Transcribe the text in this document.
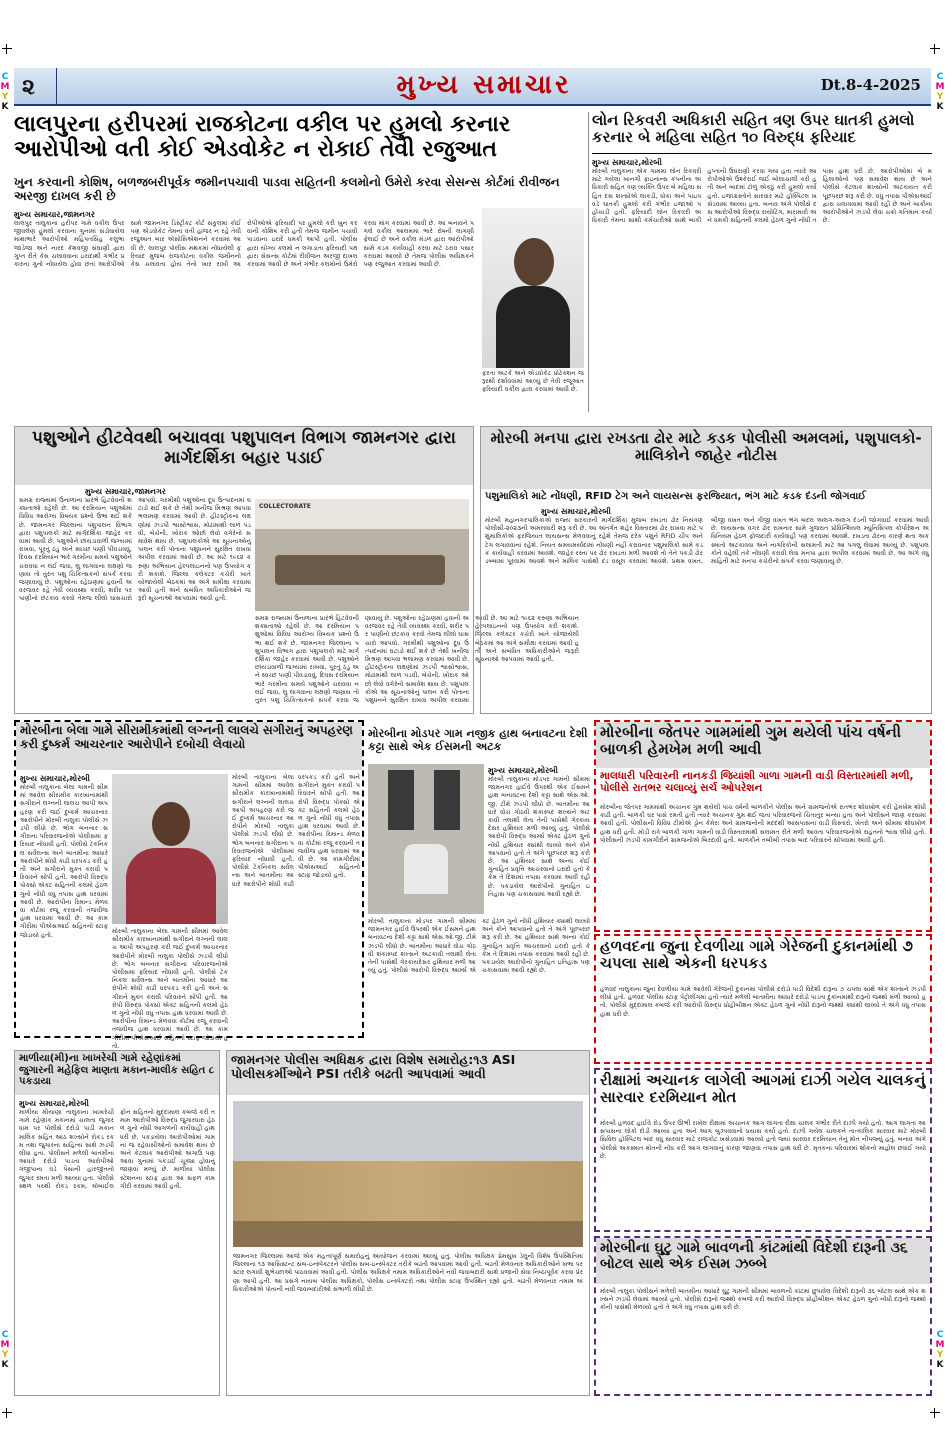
C
M
Y
K
C
M
Y
K
C
M
Y
K
C
M
Y
K
૨	મુખ્ય સમાચાર	Dt.8-4-2025
લાલપુરના હરીપરમાં રાજકોટના વકીલ પર હુમલો કરનાર આરોપીઓ વતી કોઈ એડવોકેટ ન રોકાઈ તેવી રજુઆત
ખુન કરવાની કોશિષ, બળજબરીપૂર્વક જમીનપચાવી પાડવા સહિતની કલમોનો ઉમેરો કરવા સેસન્સ કોર્ટમાં રીવીજન અરજી દાખલ કરી છે
મુખ્ય સમાચાર,જામનગર
લાલપુર તાલુકાના હરીપર ગામે વકીલ ઉપર જીવલેણ હુમલો કરવાના ગુનામાં સંડોવાયેલ માથાભારે આરોપીઓ મહિપતસિંહ કલુભા જાડેજા અને નારદ કેશવજી સંઘાણી દ્વારા ગુપ્ત રીતે કેસ ચલાવવાના ઇરાદાથી ગંભીર પ્રકારના ગુનો નોંધાયેલ હોવા છતાં આરોપીઓ સામે જામનગર ડિસ્ટ્રીક્ટ કોર્ટ સંકુલમાં કોઈ પણ એડવોકેટ તેમના વતી હાજર ન રહે તેવી રજુઆત બાર એસોસિએશનને કરવામાં આવી છે. લાલપુર પોલીસ મથકમાં નોંધાયેલી ફરિયાદ મુજબ રાજકોટના વકીલ જમીનનો કેસ ચલાવતા હોય તેનો ખાર રાખી આરોપીઓએ ફરિયાદી પર હુમલો કરી ખુન કરવાની કોશિષ કરી હતી તેમજ જમીન પચાવી પાડવાના ઇરાદે ધમકી આપી હતી. પોલીસ દ્વારા યોગ્ય કલમો ન લગાડાતા ફરિયાદી પક્ષ દ્વારા સેસન્સ કોર્ટમાં રીવીજન અરજી દાખલ કરવામાં આવી છે અને ગંભીર કલમોનો ઉમેરો કરવા માંગ કરવામાં આવી છે. આ બનાવને પગલે વકીલ આલમમાં ભારે રોષની લાગણી ફેલાઈ છે અને વકીલ મંડળ દ્વારા આરોપીઓ સામે કડક કાર્યવાહી કરવા માટે ઠરાવ પસાર કરવામાં આવ્યો છે તેમજ પોલીસ અધિક્ષકને પણ રજુઆત કરવામાં આવી છે.
ફરતા અટકે અને એડવોકેટ પ્રોટેક્શન જરૂરથી દર્શાવવામાં આવ્યું છે તેવી રજૂઆત ફરિયાદી વકીલ દ્વારા કરવામાં આવી છે.
લોન રિકવરી અધિકારી સહિત ત્રણ ઉપર ઘાતકી હુમલો કરનાર બે મહિલા સહિત ૧૦ વિરુદ્ધ ફરિયાદ
મુખ્ય સમાચાર,મોરબી
મોરબી તાલુકાના એક ગામમાં લોન રિકવરી માટે ગયેલા ખાનગી ફાઇનાન્સ કંપનીના અધિકારી સહિત ત્રણ વ્યક્તિ ઉપર બે મહિલા સહિત દસ શખ્સોએ લાકડી, ધોકા અને પાઇપ વડે ઘાતકી હુમલો કરી ગંભીર ઇજાઓ પહોંચાડી હતી. ફરિયાદી લોન રિકવરી અધિકારી તેમના સાથી કર્મચારીઓ સાથે બાકી હપ્તાની ઉઘરાણી કરવા ગયા હતા ત્યારે આરોપીઓએ ઉશ્કેરાઈ જઈ બોલાચાલી કરી હતી અને બાદમાં ટોળું એકઠું કરી હુમલો કર્યો હતો. ઇજાગ્રસ્તોને સારવાર માટે હોસ્પિટલ ખસેડવામાં આવ્યા હતા. બનાવ અંગે પોલીસે દસ આરોપીઓ વિરુદ્ધ રાયોટિંગ, મારામારી અને ધમકી સહિતની કલમો હેઠળ ગુનો નોંધી તપાસ હાથ ધરી છે. આરોપીઓમાં બે મહિલાઓનો પણ સમાવેશ થાય છે અને પોલીસે કેટલાક શખ્સોની અટકાયત કરી પૂછપરછ શરૂ કરી છે. વધુ તપાસ પીએસઆઈ દ્વારા ચલાવવામાં આવી રહી છે અને બાકીના આરોપીઓને ઝડપી લેવા ચક્રો ગતિમાન કર્યા છે.
પશુઓને હીટવેવથી બચાવવા પશુપાલન વિભાગ જામનગર દ્વારા માર્ગદર્શિકા બહાર પડાઈ
મુખ્ય સમાચાર,જામનગર
સમગ્ર રાજ્યમાં ઉનાળાના પ્રારંભે હિટવેવની શક્યતાઓ રહેલી છે. આ દરમિયાન પશુઓમાં વિવિધ આરોગ્ય વિષયક પ્રશ્નો ઉભા થઈ શકે છે. જામનગર જિલ્લાના પશુપાલન વિભાગ દ્વારા પશુપાલકો માટે માર્ગદર્શિકા જાહેર કરવામાં આવી છે. પશુઓને છાંયડાવાળી જગ્યામાં રાખવા, પૂરતું ઠંડુ અને સ્વચ્છ પાણી પીવડાવવું, દિવસ દરમિયાન ભારે ગરમીના સમયે પશુઓને ચરાવવા ન લઈ જવા, લુ લાગવાના લક્ષણો જણાય તો તુરંત પશુ ચિકિત્સકનો સંપર્ક કરવા જણાવાયું છે. પશુઓના રહેઠાણમાં હવાની અવરજવર રહે તેવી વ્યવસ્થા કરવી, શરીર પર પાણીનો છંટકાવ કરવો તેમજ લીલો ઘાસચારો આપવો. ગરમીથી પશુઓના દૂધ ઉત્પાદનમાં ઘટાડો થઈ શકે છે તેથી ખનીજ મિશ્રણ આપવા ભલામણ કરવામાં આવી છે. હીટસ્ટ્રોકના લક્ષણોમાં ઝડપી શ્વાસોશ્વાસ, મોઢામાંથી લાળ પડવી, બેચેની, ખોરાક ઓછો લેવો વગેરેનો સમાવેશ થાય છે. પશુપાલકોએ આ સૂચનાઓનું પાલન કરી પોતાના પશુધનને સુરક્ષિત રાખવા અપીલ કરવામાં આવી છે. આ માટે ૧૯૬૨ કરુણા અભિયાન હેલ્પલાઇનનો પણ ઉપયોગ કરી શકાશે. જિલ્લા કલેક્ટર કચેરી ખાતે યોજાયેલી બેઠકમાં આ અંગે સમીક્ષા કરવામાં આવી હતી અને સંબંધિત અધિકારીઓને જરૂરી સૂચનાઓ આપવામાં આવી હતી.
COLLECTORATE
સમગ્ર રાજ્યમાં ઉનાળાના પ્રારંભે હિટવેવની શક્યતાઓ રહેલી છે. આ દરમિયાન પશુઓમાં વિવિધ આરોગ્ય વિષયક પ્રશ્નો ઉભા થઈ શકે છે. જામનગર જિલ્લાના પશુપાલન વિભાગ દ્વારા પશુપાલકો માટે માર્ગદર્શિકા જાહેર કરવામાં આવી છે. પશુઓને છાંયડાવાળી જગ્યામાં રાખવા, પૂરતું ઠંડુ અને સ્વચ્છ પાણી પીવડાવવું, દિવસ દરમિયાન ભારે ગરમીના સમયે પશુઓને ચરાવવા ન લઈ જવા, લુ લાગવાના લક્ષણો જણાય તો તુરંત પશુ ચિકિત્સકનો સંપર્ક કરવા જણાવાયું છે. પશુઓના રહેઠાણમાં હવાની અવરજવર રહે તેવી વ્યવસ્થા કરવી, શરીર પર પાણીનો છંટકાવ કરવો તેમજ લીલો ઘાસચારો આપવો. ગરમીથી પશુઓના દૂધ ઉત્પાદનમાં ઘટાડો થઈ શકે છે તેથી ખનીજ મિશ્રણ આપવા ભલામણ કરવામાં આવી છે. હીટસ્ટ્રોકના લક્ષણોમાં ઝડપી શ્વાસોશ્વાસ, મોઢામાંથી લાળ પડવી, બેચેની, ખોરાક ઓછો લેવો વગેરેનો સમાવેશ થાય છે. પશુપાલકોએ આ સૂચનાઓનું પાલન કરી પોતાના પશુધનને સુરક્ષિત રાખવા અપીલ કરવામાં આવી છે. આ માટે ૧૯૬૨ કરુણા અભિયાન હેલ્પલાઇનનો પણ ઉપયોગ કરી શકાશે. જિલ્લા કલેક્ટર કચેરી ખાતે યોજાયેલી બેઠકમાં આ અંગે સમીક્ષા કરવામાં આવી હતી અને સંબંધિત અધિકારીઓને જરૂરી સૂચનાઓ આપવામાં આવી હતી.
મોરબી મનપા દ્વારા રખડતા ઢોર માટે કડક પોલીસી અમલમાં, પશુપાલકો-માલિકોને જાહેર નોટીસ
પશુમાલિકો માટે નોંધણી, RFID ટેગ અને લાયસન્સ ફરજિયાત, ભંગ માટે કડક દંડની જોગવાઈ
મુખ્ય સમાચાર,મોરબી
મોરબી મહાનગરપાલિકાએ રાજ્ય સરકારની માર્ગદર્શિકા મુજબ રખડતા ઢોર નિયંત્રણ પોલીસી-૨૦૨૩ની અમલવારી શરૂ કરી છે. આ અંતર્ગત શહેર વિસ્તારમાં ઢોર રાખવા માટે પશુમાલિકોએ ફરજિયાત લાયસન્સ મેળવવાનું રહેશે તેમજ દરેક પશુને RFID ચીપ અને ટેગ લગાવવાના રહેશે. નિયત સમયમર્યાદામાં નોંધણી નહીં કરાવનાર પશુમાલિકો સામે કડક કાર્યવાહી કરવામાં આવશે. જાહેર રસ્તા પર ઢોર રખડતા મળી આવશે તો તેને પકડી ઢોર ડબ્બામાં પૂરવામાં આવશે અને માલિક પાસેથી દંડ વસૂલ કરવામાં આવશે. પ્રથમ વખત, બીજી વખત અને ત્રીજી વખત ભંગ બદલ અલગ-અલગ દંડની જોગવાઈ કરવામાં આવી છે. લાયસન્સ વગર ઢોર રાખનાર સામે ગુજરાત પ્રોવિન્શિયલ મ્યુનિસિપલ કોર્પોરેશન અધિનિયમ હેઠળ ફોજદારી કાર્યવાહી પણ કરવામાં આવશે. રખડતા ઢોરના કારણે થતા અકસ્માતો અટકાવવા અને નાગરિકોની સલામતી માટે આ પગલું લેવામાં આવ્યું છે. પશુપાલકોને વહેલી તકે નોંધણી કરાવી લેવા મનપા દ્વારા અપીલ કરવામાં આવી છે. આ અંગે વધુ માહિતી માટે મનપા કચેરીનો સંપર્ક કરવા જણાવાયું છે.
મોરબીના બેલા ગામે સીરામીકમાંથી લગ્નની લાલચે સગીરાનું અપહરણ કરી દુષ્કર્મ આચરનાર આરોપીને દબોચી લેવાયો
મુખ્ય સમાચાર,મોરબી
મોરબી તાલુકાના બેલા ગામની સીમમાં આવેલ સીરામીક કારખાનામાંથી સગીરાને લગ્નની લાલચ આપી અપહરણ કરી જઈ દુષ્કર્મ આચરનાર આરોપીને મોરબી તાલુકા પોલીસે ઝડપી લીધો છે. ભોગ બનનાર સગીરાના પરિવારજનોએ પોલીસમાં ફરિયાદ નોંધાવી હતી. પોલીસે ટેકનિકલ સર્વેલન્સ અને બાતમીના આધારે આરોપીને શોધી કાઢી ધરપકડ કરી હતી અને સગીરાને મુક્ત કરાવી પરિવારને સોંપી હતી. આરોપી વિરુદ્ધ પોક્સો એક્ટ સહિતની કલમો હેઠળ ગુનો નોંધી વધુ તપાસ હાથ ધરવામાં આવી છે. આરોપીના રિમાન્ડ મેળવવા કોર્ટમાં રજૂ કરવાની તજવીજ હાથ ધરવામાં આવી છે. આ કામગીરીમાં પીએસઆઈ સહિતનો સ્ટાફ જોડાયો હતો.
મોરબી તાલુકાના બેલા ગામની સીમમાં આવેલ સીરામીક કારખાનામાંથી સગીરાને લગ્નની લાલચ આપી અપહરણ કરી જઈ દુષ્કર્મ આચરનાર આરોપીને મોરબી તાલુકા પોલીસે ઝડપી લીધો છે. ભોગ બનનાર સગીરાના પરિવારજનોએ પોલીસમાં ફરિયાદ નોંધાવી હતી. પોલીસે ટેકનિકલ સર્વેલન્સ અને બાતમીના આધારે આરોપીને શોધી કાઢી ધરપકડ કરી હતી અને સગીરાને મુક્ત કરાવી પરિવારને સોંપી હતી. આરોપી વિરુદ્ધ પોક્સો એક્ટ સહિતની કલમો હેઠળ ગુનો નોંધી વધુ તપાસ હાથ ધરવામાં આવી છે. આરોપીના રિમાન્ડ મેળવવા કોર્ટમાં રજૂ કરવાની તજવીજ હાથ ધરવામાં આવી છે. આ કામગીરીમાં પીએસઆઈ સહિતનો સ્ટાફ જોડાયો હતો.
મોરબી તાલુકાના બેલા ગામની સીમમાં આવેલ સીરામીક કારખાનામાંથી સગીરાને લગ્નની લાલચ આપી અપહરણ કરી જઈ દુષ્કર્મ આચરનાર આરોપીને મોરબી તાલુકા પોલીસે ઝડપી લીધો છે. ભોગ બનનાર સગીરાના પરિવારજનોએ પોલીસમાં ફરિયાદ નોંધાવી હતી. પોલીસે ટેકનિકલ સર્વેલન્સ અને બાતમીના આધારે આરોપીને શોધી કાઢી ધરપકડ કરી હતી અને સગીરાને મુક્ત કરાવી પરિવારને સોંપી હતી. આરોપી વિરુદ્ધ પોક્સો એક્ટ સહિતની કલમો હેઠળ ગુનો નોંધી વધુ તપાસ હાથ ધરવામાં આવી છે. આરોપીના રિમાન્ડ મેળવવા કોર્ટમાં રજૂ કરવાની તજવીજ હાથ ધરવામાં આવી છે. આ કામગીરીમાં પીએસઆઈ સહિતનો સ્ટાફ જોડાયો હતો.
મોરબીના મોડપર ગામ નજીક હાથ બનાવટના દેશી કટ્ટા સાથે એક ઈસમની અટક
મુખ્ય સમાચાર,મોરબી
મોરબી તાલુકાના મોડપર ગામની સીમમાં જામનગર હાઈવે ઉપરથી એક ઈસમને હાથ બનાવટના દેશી કટ્ટા સાથે એસ.ઓ.જી. ટીમે ઝડપી લીધો છે. બાતમીના આધારે વોચ ગોઠવી શંકાસ્પદ શખ્સને અટકાવી તલાશી લેતા તેની પાસેથી ગેરકાયદેસર હથિયાર મળી આવ્યું હતું. પોલીસે આરોપી વિરુદ્ધ આર્મ્સ એક્ટ હેઠળ ગુનો નોંધી હથિયાર ક્યાંથી લાવ્યો અને કોને આપવાનો હતો તે અંગે પૂછપરછ શરૂ કરી છે. આ હથિયાર સાથે અન્ય કોઈ ગુનાહિત પ્રવૃત્તિ આચરવાનો ઇરાદો હતો કે કેમ તે દિશામાં તપાસ કરવામાં આવી રહી છે. પકડાયેલ આરોપીનો ગુનાહિત ઇતિહાસ પણ ચકાસવામાં આવી રહ્યો છે.
મોરબી તાલુકાના મોડપર ગામની સીમમાં જામનગર હાઈવે ઉપરથી એક ઈસમને હાથ બનાવટના દેશી કટ્ટા સાથે એસ.ઓ.જી. ટીમે ઝડપી લીધો છે. બાતમીના આધારે વોચ ગોઠવી શંકાસ્પદ શખ્સને અટકાવી તલાશી લેતા તેની પાસેથી ગેરકાયદેસર હથિયાર મળી આવ્યું હતું. પોલીસે આરોપી વિરુદ્ધ આર્મ્સ એક્ટ હેઠળ ગુનો નોંધી હથિયાર ક્યાંથી લાવ્યો અને કોને આપવાનો હતો તે અંગે પૂછપરછ શરૂ કરી છે. આ હથિયાર સાથે અન્ય કોઈ ગુનાહિત પ્રવૃત્તિ આચરવાનો ઇરાદો હતો કે કેમ તે દિશામાં તપાસ કરવામાં આવી રહી છે. પકડાયેલ આરોપીનો ગુનાહિત ઇતિહાસ પણ ચકાસવામાં આવી રહ્યો છે.
મોરબીના જેતપર ગામમાંથી ગુમ થયેલી પાંચ વર્ષની બાળકી હેમખેમ મળી આવી
માલધારી પરિવારની નાનકડી જિયાંશી ગાળા ગામની વાડી વિસ્તારમાંથી મળી, પોલીસે રાતભર ચલાવ્યું સર્ચ ઓપરેશન
મોરબીના જેતપર ગામમાંથી અચાનક ગુમ થયેલી પાંચ વર્ષની બાળકીને પોલીસ અને ગ્રામજનોએ રાતભર શોધખોળ કરી હેમખેમ શોધી કાઢી હતી. બાળકી ઘર પાસે રમતી હતી ત્યારે અચાનક ગુમ થઈ જતાં પરિવારજનો ચિંતાતુર બન્યા હતા અને પોલીસને જાણ કરવામાં આવી હતી. પોલીસની વિવિધ ટીમોએ ડ્રોન કેમેરા અને ગ્રામજનોની મદદથી આસપાસના વાડી વિસ્તારો, ખેતરો અને સીમમાં શોધખોળ હાથ ધરી હતી. મોડી રાત્રે બાળકી ગાળા ગામની વાડી વિસ્તારમાંથી સલામત રીતે મળી આવતા પરિવારજનોએ રાહતનો શ્વાસ લીધો હતો. પોલીસની ઝડપી કામગીરીને ગ્રામજનોએ બિરદાવી હતી. બાળકીને તબીબી તપાસ બાદ પરિવારને સોંપવામાં આવી હતી.
હળવદના જુના દેવળીયા ગામે ગેરેજની દુકાનમાંથી ૭ ચપલા સાથે એકની ધરપકડ
હળવદ તાલુકાના જુના દેવળીયા ગામે આવેલી ગેરેજની દુકાનમાં પોલીસે દરોડો પાડી વિદેશી દારૂના ૭ ચપલા સાથે એક શખ્સને ઝડપી લીધો હતો. હળવદ પોલીસ સ્ટાફ પેટ્રોલીંગમાં હતો ત્યારે મળેલી બાતમીના આધારે દરોડો પાડતા દુકાનમાંથી દારૂનો જથ્થો મળી આવ્યો હતો. પોલીસે મુદ્દામાલ કબજે કરી આરોપી વિરુદ્ધ પ્રોહીબીશન એક્ટ હેઠળ ગુનો નોંધી દારૂનો જથ્થો ક્યાંથી લાવ્યો તે અંગે વધુ તપાસ હાથ ધરી છે.
માળીયા(મી)ના ખાખરેચી ગામે રહેણાંકમાં જુગારની મહેફિલ માણતા મકાન-માલીક સહિત ૮ પકડાયા
મુખ્ય સમાચાર,મોરબી
માળીયા મીયાણા તાલુકાના ખાખરેચી ગામે રહેણાંક મકાનમાં ચાલતા જુગારધામ પર પોલીસે દરોડો પાડી મકાન માલિક સહિત આઠ શખ્સોને રોકડ રકમ તથા જુગારના સાહિત્ય સાથે ઝડપી લીધા હતા. પોલીસને મળેલી બાતમીના આધારે દરોડો પાડતા આરોપીઓ ગંજીપાના વડે પૈસાની હારજીતનો જુગાર રમતા મળી આવ્યા હતા. પોલીસે સ્થળ પરથી રોકડ રકમ, મોબાઈલ ફોન સહિતનો મુદ્દામાલ કબજે કરી તમામ આરોપીઓ વિરુદ્ધ જુગારધારા હેઠળ ગુનો નોંધી આગળની કાર્યવાહી હાથ ધરી છે. પકડાયેલા આરોપીઓમાં ગામના જ રહેવાસીઓનો સમાવેશ થાય છે અને કેટલાક આરોપીઓ અગાઉ પણ આવા ગુનામાં પકડાઈ ચૂક્યા હોવાનું જાણવા મળ્યું છે. માળીયા પોલીસ સ્ટેશનના સ્ટાફ દ્વારા આ સફળ કામગીરી કરવામાં આવી હતી.
જામનગર પોલીસ અધિક્ષક દ્વારા વિશેષ સમારોહ:૧૩ ASI પોલીસકર્મીઓને PSI તરીકે બઢતી આપવામાં આવી
જામનગર જિલ્લામાં આજે એક મહત્વપૂર્ણ સમારોહનું આયોજન કરવામાં આવ્યું હતું. પોલીસ અધિક્ષક પ્રેમસુખ ડેલુની વિશેષ ઉપસ્થિતિમાં જિલ્લાના ૧૩ આસિસ્ટન્ટ સબ-ઇન્સ્પેક્ટરને પોલીસ સબ-ઇન્સ્પેક્ટર તરીકે બઢતી આપવામાં આવી હતી. બઢતી મેળવનાર અધિકારીઓને ખભા પર સ્ટાર લગાવી શુભેચ્છાઓ પાઠવવામાં આવી હતી. પોલીસ અધિક્ષકે તમામ અધિકારીઓને નવી જવાબદારી સાથે પ્રજાની સેવા નિષ્ઠાપૂર્વક કરવા પ્રેરણા આપી હતી. આ પ્રસંગે નાયબ પોલીસ અધિક્ષકો, પોલીસ ઇન્સ્પેક્ટરો તથા પોલીસ સ્ટાફ ઉપસ્થિત રહ્યો હતો. બઢતી મેળવનાર તમામ અધિકારીઓએ પોતાની નવી જવાબદારીઓ સંભાળી લીધી છે.
રીક્ષામાં અચાનક લાગેલી આગમાં દાઝી ગયેલ ચાલકનું સારવાર દરમિયાન મોત
મોરબી હળવદ હાઈવે રોડ ઉપર ઊભી રાખેલ રીક્ષામાં અચાનક આગ લાગતા રીક્ષા ચાલક ગંભીર રીતે દાઝી ગયો હતો. આગ લાગતા આસપાસના લોકો દોડી આવ્યા હતા અને આગ બુઝાવવાનો પ્રયાસ કર્યો હતો. દાઝી ગયેલ ચાલકને તાત્કાલિક સારવાર માટે મોરબી સિવિલ હોસ્પિટલ બાદ વધુ સારવાર માટે રાજકોટ ખસેડવામાં આવ્યો હતો જ્યાં સારવાર દરમિયાન તેનું મોત નીપજ્યું હતું. બનાવ અંગે પોલીસે અકસ્માત મોતની નોંધ કરી આગ લાગવાનું કારણ જાણવા તપાસ હાથ ધરી છે. મૃતકના પરિવારમાં શોકનો માહોલ છવાઈ ગયો છે.
મોરબીના ઘુટુ ગામે બાવળની કાંટમાંથી વિદેશી દારૂની ૩૬ બોટલ સાથે એક ઈસમ ઝબ્બે
મોરબી તાલુકા પોલીસને મળેલી બાતમીના આધારે ઘુટુ ગામની સીમમાં બાવળની કાંટમાં છુપાવેલ વિદેશી દારૂની ૩૬ બોટલ સાથે એક શખ્સને ઝડપી લેવામાં આવ્યો હતો. પોલીસે દારૂનો જથ્થો કબજે કરી આરોપી વિરુદ્ધ પ્રોહીબીશન એક્ટ હેઠળ ગુનો નોંધી દારૂનો જથ્થો કોની પાસેથી મેળવ્યો હતો તે અંગે વધુ તપાસ હાથ ધરી છે.
